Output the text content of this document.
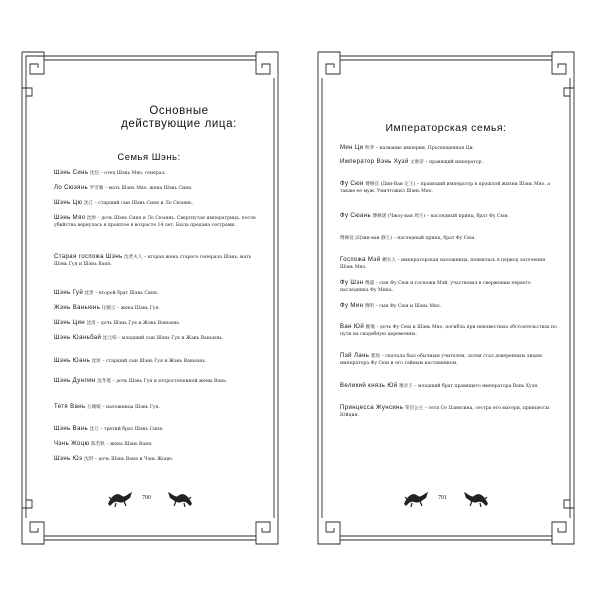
Основные
действующие лица:
Семья Шэнь:
Шэнь Синь 沈信 – отец Шэнь Мяо, генерал.
Ло Сюэянь 罗雪雁 – мать Шэнь Мяо, жена Шэнь Синя.
Шэнь Цю 沈丘 – старший сын Шэнь Синя и Ло Сюэянь.
Шэнь Мяо 沈妙 – дочь Шэнь Синя и Ло Сюэянь. Свергнутая императрица, после убийства вернулась в прошлое в возрасте 14 лет. Была предана сестрами.
Старая госпожа Шэнь 沈老夫人 – вторая жена старого генерала Шэнь, мать Шэнь Гуя и Шэнь Ваня.
Шэнь Гуй 沈贵 – второй брат Шэнь Синя.
Жэнь Ваньюнь 任婉云 – жена Шэнь Гуя.
Шэнь Цин 沈清 – дочь Шэнь Гуя и Жэнь Ваньюнь.
Шэнь Юаньбай 沈元柏 – младший сын Шэнь Гуя и Жэнь Ваньюнь.
Шэнь Юань 沈垣 – старший сын Шэнь Гуя и Жэнь Ваньюнь.
Шэнь Дунлин 沈冬菱 – дочь Шэнь Гуя и второстепенной жены Вань.
Тетя Вань 万姨娘 – наложница Шэнь Гуя.
Шэнь Вань 沈万 – третий брат Шэнь Синя.
Чэнь Жоцю 陈若秋 – жена Шэнь Ваня.
Шэнь Юэ 沈玥 – дочь Шэнь Ваня и Чэнь Жоцю.
700
Императорская семья:
Мин Ци 明齐 – название империи, Просвещенная Ци.
Император Вэнь Хуэй 文惠帝 – правящий император.
Фу Сюи 傅修宜 (Дин-Ван 定王) – правящий император в прошлой жизни Шэнь Мяо, а также ее муж. Уничтожил Шэнь Мяо.
Фу Сюань 傅修瑗 (Чжоу-ван 周王) – наследный принц, брат Фу Сюи.
傅修仪 (Цзин-ван 静王) – наследный принц, брат Фу Сюи.
Госпожа Мэй 楣夫人 – императорская наложница, появилась в период заточения Шэнь Мяо.
Фу Шэн 傅盛 – сын Фу Сюи и госпожи Мэй, участвовал в свержении первого наследника Фу Мина.
Фу Мин 傅明 – сын Фу Сюи и Шэнь Мяо.
Ван Юй 婉瑜 – дочь Фу Сюи и Шэнь Мяо, погибла при неизвестных обстоятельствах по пути на свадебную церемонию.
Пэй Лань 裴琅 – сначала был обычным учителем, затем стал доверенным лицом императора Фу Сюи и его тайным наставником.
Великий князь Юй 豫亲王 – младший брат правящего императора Вэнь Хуэя.
Принцесса Жунсинь 荣信公主 – тетя Се Цзинсина, сестра его матери, принцессы Юйцин.
701
